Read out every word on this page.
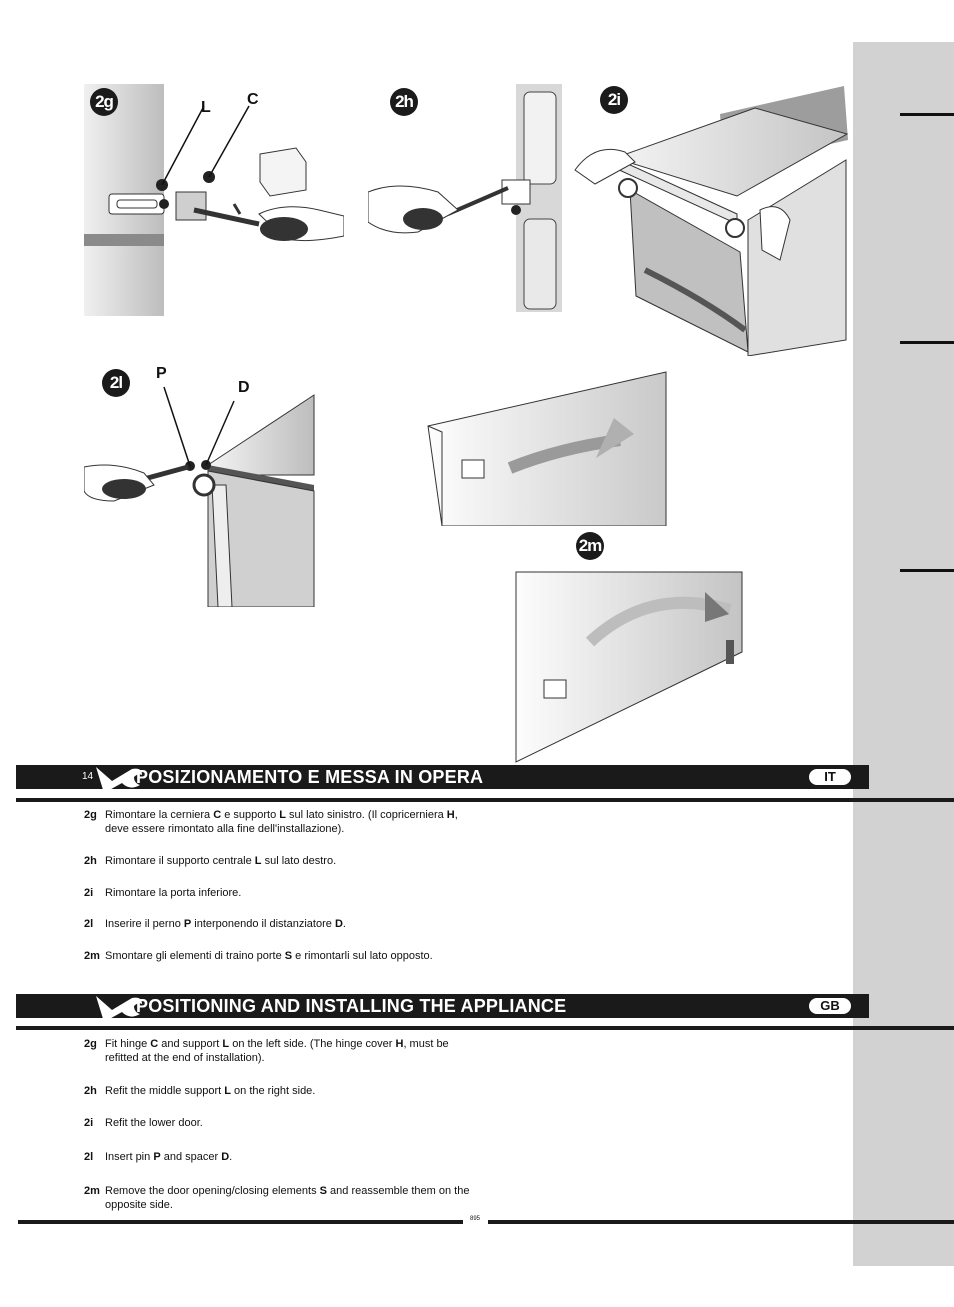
2g	L C	2h	2i
2l	P
D
2m
14 POSIZIONAMENTO E MESSA IN OPERA	IT
2g Rimontare la cerniera C e supporto L sul lato sinistro. (Il copricerniera H, deve essere rimontato alla fine dell'installazione).
2h Rimontare il supporto centrale L sul lato destro.
2i	Rimontare la porta inferiore.
2l	Inserire il perno P interponendo il distanziatore D.
2m Smontare gli elementi di traino porte S e rimontarli sul lato opposto.
POSITIONING AND INSTALLING THE APPLIANCE	GB
2g Fit hinge C and support L on the left side. (The hinge cover H, must be refitted at the end of installation).
2h Refit the middle support L on the right side.
2i	Refit the lower door.
2l	Insert pin P and spacer D.
2m Remove the door opening/closing elements S and reassemble them on the opposite side.
895
